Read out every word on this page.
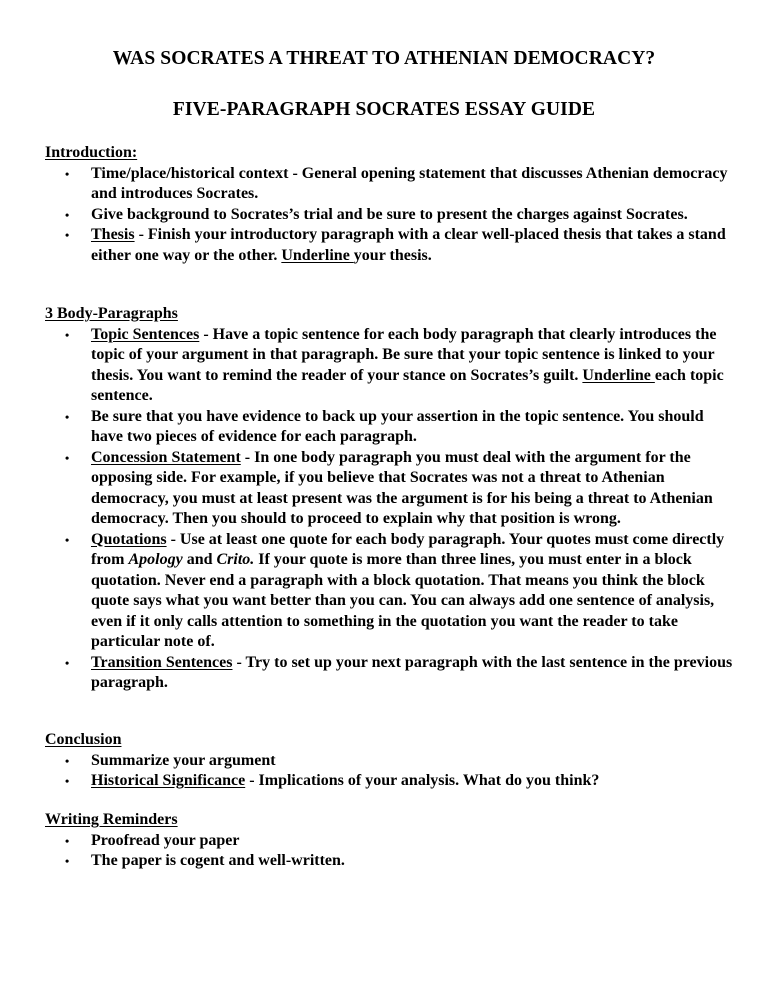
WAS SOCRATES A THREAT TO ATHENIAN DEMOCRACY?
FIVE-PARAGRAPH SOCRATES ESSAY GUIDE

Introduction:

• Time/place/historical context - General opening statement that discusses Athenian democracy and introduces Socrates.
• Give background to Socrates’s trial and be sure to present the charges against Socrates.
• Thesis - Finish your introductory paragraph with a clear well-placed thesis that takes a stand either one way or the other. Underline your thesis.

3 Body-Paragraphs

• Topic Sentences - Have a topic sentence for each body paragraph that clearly introduces the topic of your argument in that paragraph. Be sure that your topic sentence is linked to your thesis. You want to remind the reader of your stance on Socrates’s guilt. Underline each topic sentence.
• Be sure that you have evidence to back up your assertion in the topic sentence. You should have two pieces of evidence for each paragraph.
• Concession Statement - In one body paragraph you must deal with the argument for the opposing side. For example, if you believe that Socrates was not a threat to Athenian democracy, you must at least present was the argument is for his being a threat to Athenian democracy. Then you should to proceed to explain why that position is wrong.
• Quotations - Use at least one quote for each body paragraph. Your quotes must come directly from Apology and Crito. If your quote is more than three lines, you must enter in a block quotation. Never end a paragraph with a block quotation. That means you think the block quote says what you want better than you can. You can always add one sentence of analysis, even if it only calls attention to something in the quotation you want the reader to take particular note of.
• Transition Sentences - Try to set up your next paragraph with the last sentence in the previous paragraph.

Conclusion

• Summarize your argument
• Historical Significance - Implications of your analysis. What do you think?

Writing Reminders

• Proofread your paper
• The paper is cogent and well-written.
